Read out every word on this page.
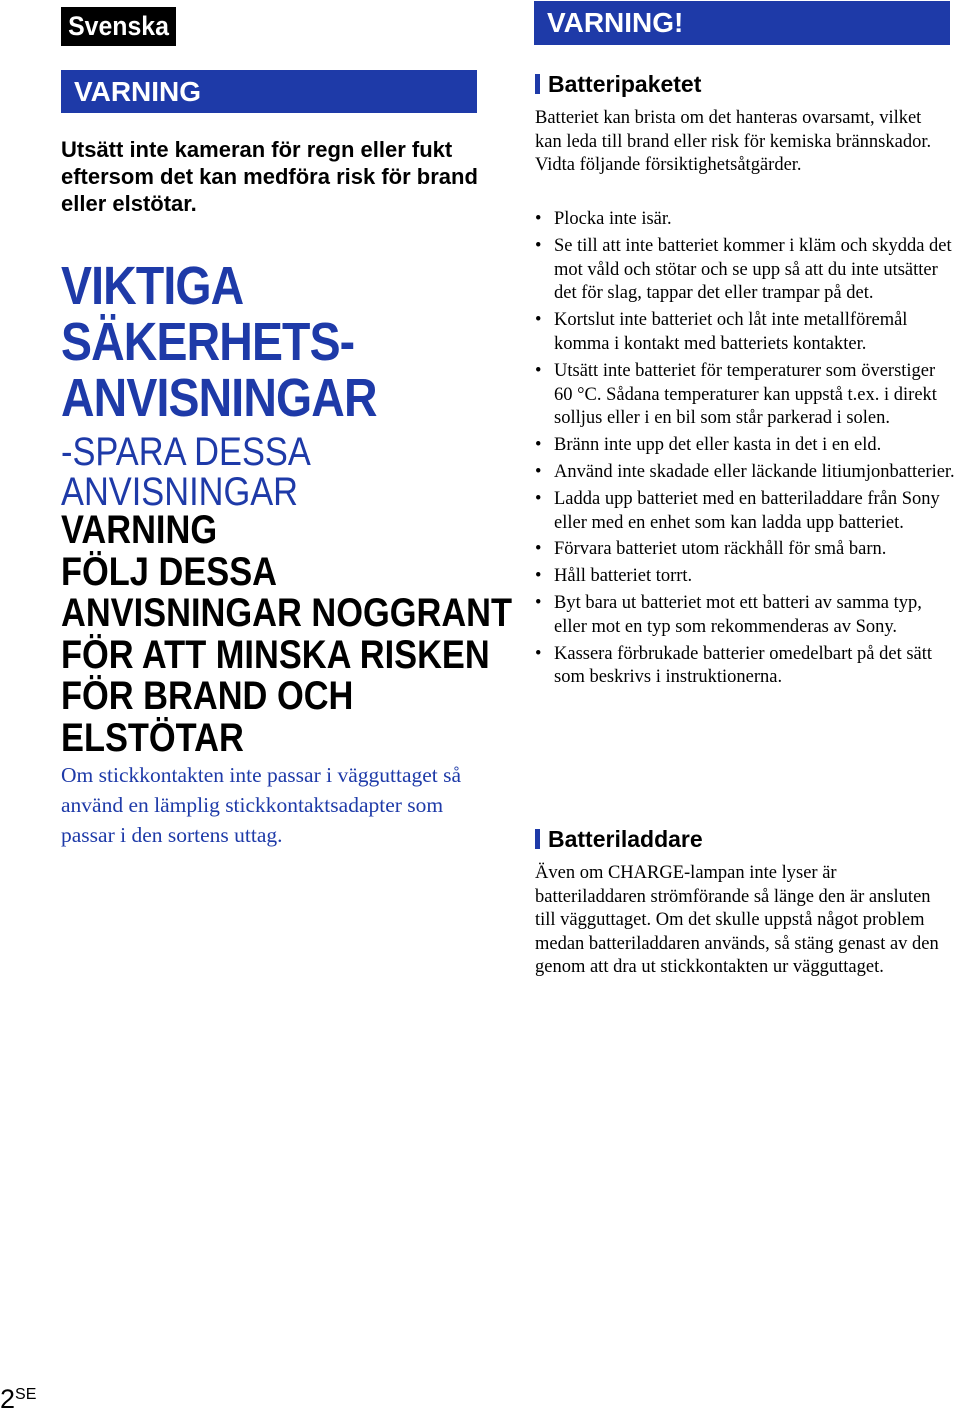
Svenska
VARNING
Utsätt inte kameran för regn eller fukt eftersom det kan medföra risk för brand eller elstötar.
VIKTIGA
SÄKERHETS-
ANVISNINGAR
-SPARA DESSA
ANVISNINGAR
VARNING
FÖLJ DESSA
ANVISNINGAR NOGGRANT
FÖR ATT MINSKA RISKEN
FÖR BRAND OCH
ELSTÖTAR
Om stickkontakten inte passar i vägguttaget så använd en lämplig stickkontaktsadapter som passar i den sortens uttag.
VARNING!
Batteripaketet
Batteriet kan brista om det hanteras ovarsamt, vilket kan leda till brand eller risk för kemiska brännskador. Vidta följande försiktighetsåtgärder.
• Plocka inte isär.
• Se till att inte batteriet kommer i kläm och skydda det mot våld och stötar och se upp så att du inte utsätter det för slag, tappar det eller trampar på det.
• Kortslut inte batteriet och låt inte metallföremål komma i kontakt med batteriets kontakter.
• Utsätt inte batteriet för temperaturer som överstiger 60 °C. Sådana temperaturer kan uppstå t.ex. i direkt solljus eller i en bil som står parkerad i solen.
• Bränn inte upp det eller kasta in det i en eld.
• Använd inte skadade eller läckande litiumjonbatterier.
• Ladda upp batteriet med en batteriladdare från Sony eller med en enhet som kan ladda upp batteriet.
• Förvara batteriet utom räckhåll för små barn.
• Håll batteriet torrt.
• Byt bara ut batteriet mot ett batteri av samma typ, eller mot en typ som rekommenderas av Sony.
• Kassera förbrukade batterier omedelbart på det sätt som beskrivs i instruktionerna.
Batteriladdare
Även om CHARGE-lampan inte lyser är batteriladdaren strömförande så länge den är ansluten till vägguttaget. Om det skulle uppstå något problem medan batteriladdaren används, så stäng genast av den genom att dra ut stickkontakten ur vägguttaget.
$2^{SE}$
